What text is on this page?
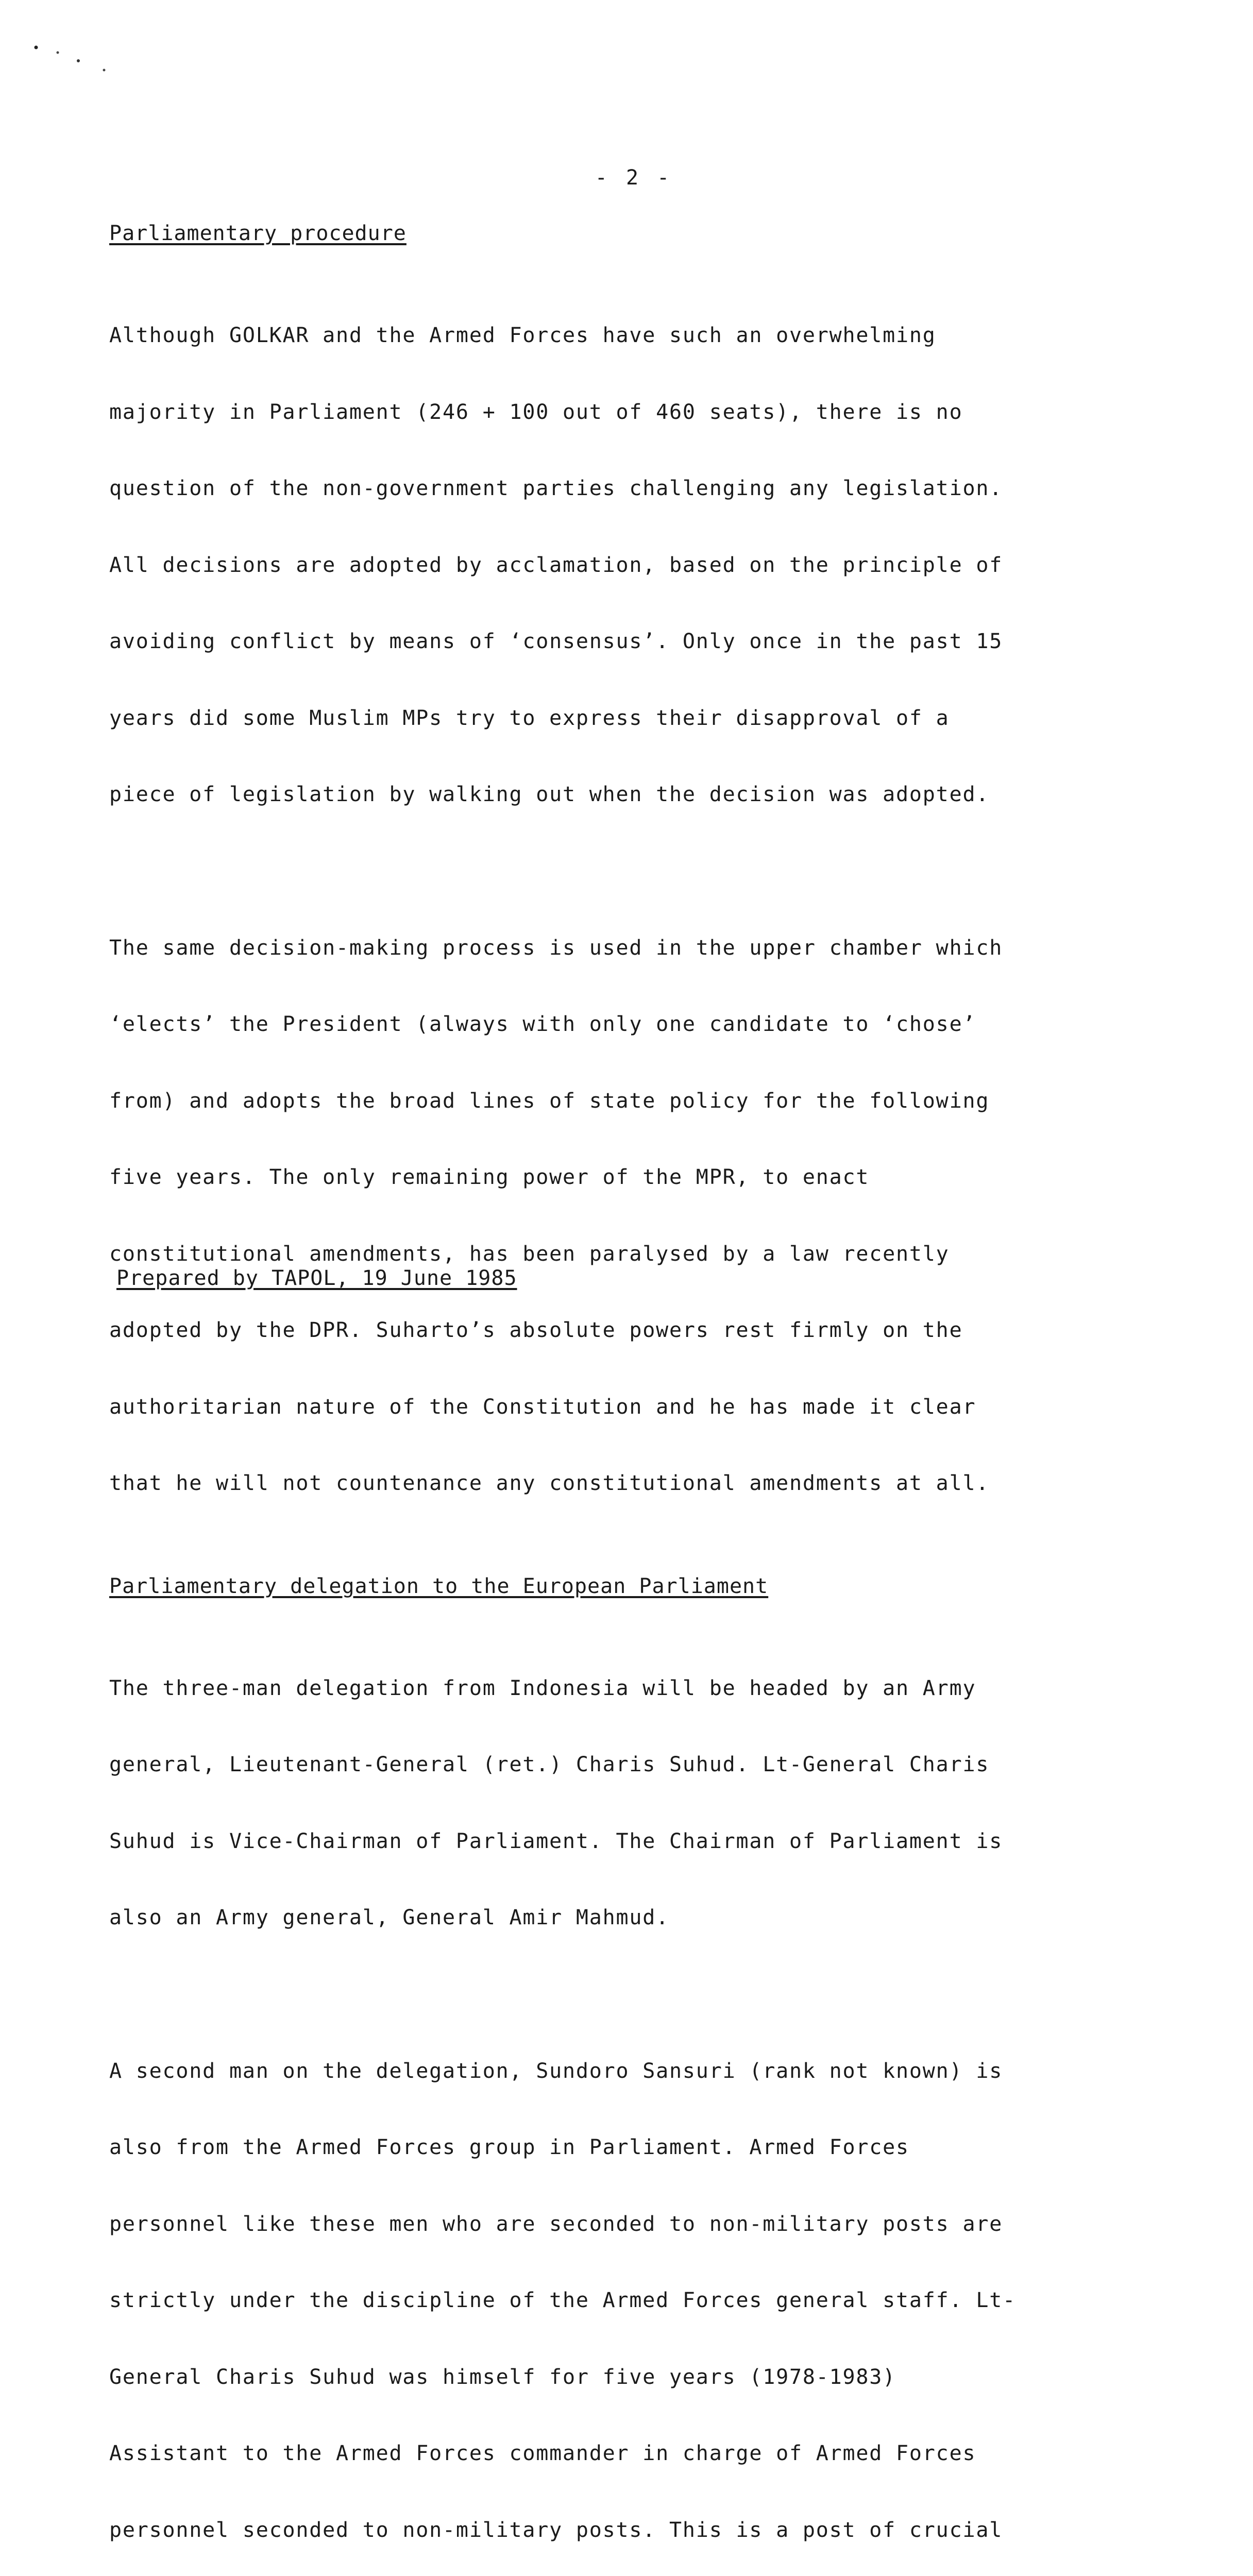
- 2 -
Parliamentary procedure

Although GOLKAR and the Armed Forces have such an overwhelming

majority in Parliament (246 + 100 out of 460 seats), there is no

question of the non-government parties challenging any legislation.

All decisions are adopted by acclamation, based on the principle of

avoiding conflict by means of ‘consensus’. Only once in the past 15

years did some Muslim MPs try to express their disapproval of a

piece of legislation by walking out when the decision was adopted.

The same decision-making process is used in the upper chamber which

‘elects’ the President (always with only one candidate to ‘chose’

from) and adopts the broad lines of state policy for the following

five years. The only remaining power of the MPR, to enact

constitutional amendments, has been paralysed by a law recently

adopted by the DPR. Suharto’s absolute powers rest firmly on the

authoritarian nature of the Constitution and he has made it clear

that he will not countenance any constitutional amendments at all.

Parliamentary delegation to the European Parliament

The three-man delegation from Indonesia will be headed by an Army

general, Lieutenant-General (ret.) Charis Suhud. Lt-General Charis

Suhud is Vice-Chairman of Parliament. The Chairman of Parliament is

also an Army general, General Amir Mahmud.

A second man on the delegation, Sundoro Sansuri (rank not known) is

also from the Armed Forces group in Parliament. Armed Forces

personnel like these men who are seconded to non-military posts are

strictly under the discipline of the Armed Forces general staff. Lt-

General Charis Suhud was himself for five years (1978-1983)

Assistant to the Armed Forces commander in charge of Armed Forces

personnel seconded to non-military posts. This is a post of crucial

Prepared by TAPOL, 19 June 1985
